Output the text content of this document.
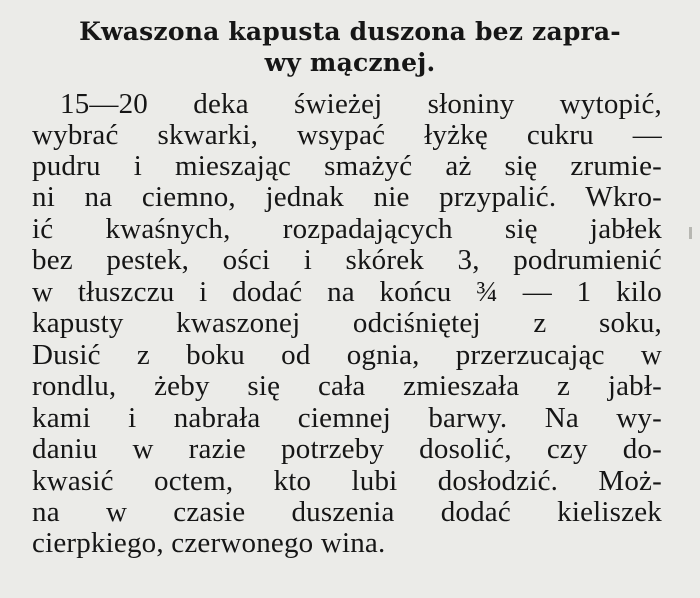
Kwaszona kapusta duszona bez zapra-
wy mącznej.
15—20 deka świeżej słoniny wytopić,
wybrać skwarki, wsypać łyżkę cukru —
pudru i mieszając smażyć aż się zrumie-
ni na ciemno, jednak nie przypalić. Wkro-
ić kwaśnych, rozpadających się jabłek
bez pestek, ości i skórek 3, podrumienić
w tłuszczu i dodać na końcu ¾ — 1 kilo
kapusty kwaszonej odciśniętej z soku,
Dusić z boku od ognia, przerzucając w
rondlu, żeby się cała zmieszała z jabł-
kami i nabrała ciemnej barwy. Na wy-
daniu w razie potrzeby dosolić, czy do-
kwasić octem, kto lubi dosłodzić. Moż-
na w czasie duszenia dodać kieliszek
cierpkiego, czerwonego wina.
